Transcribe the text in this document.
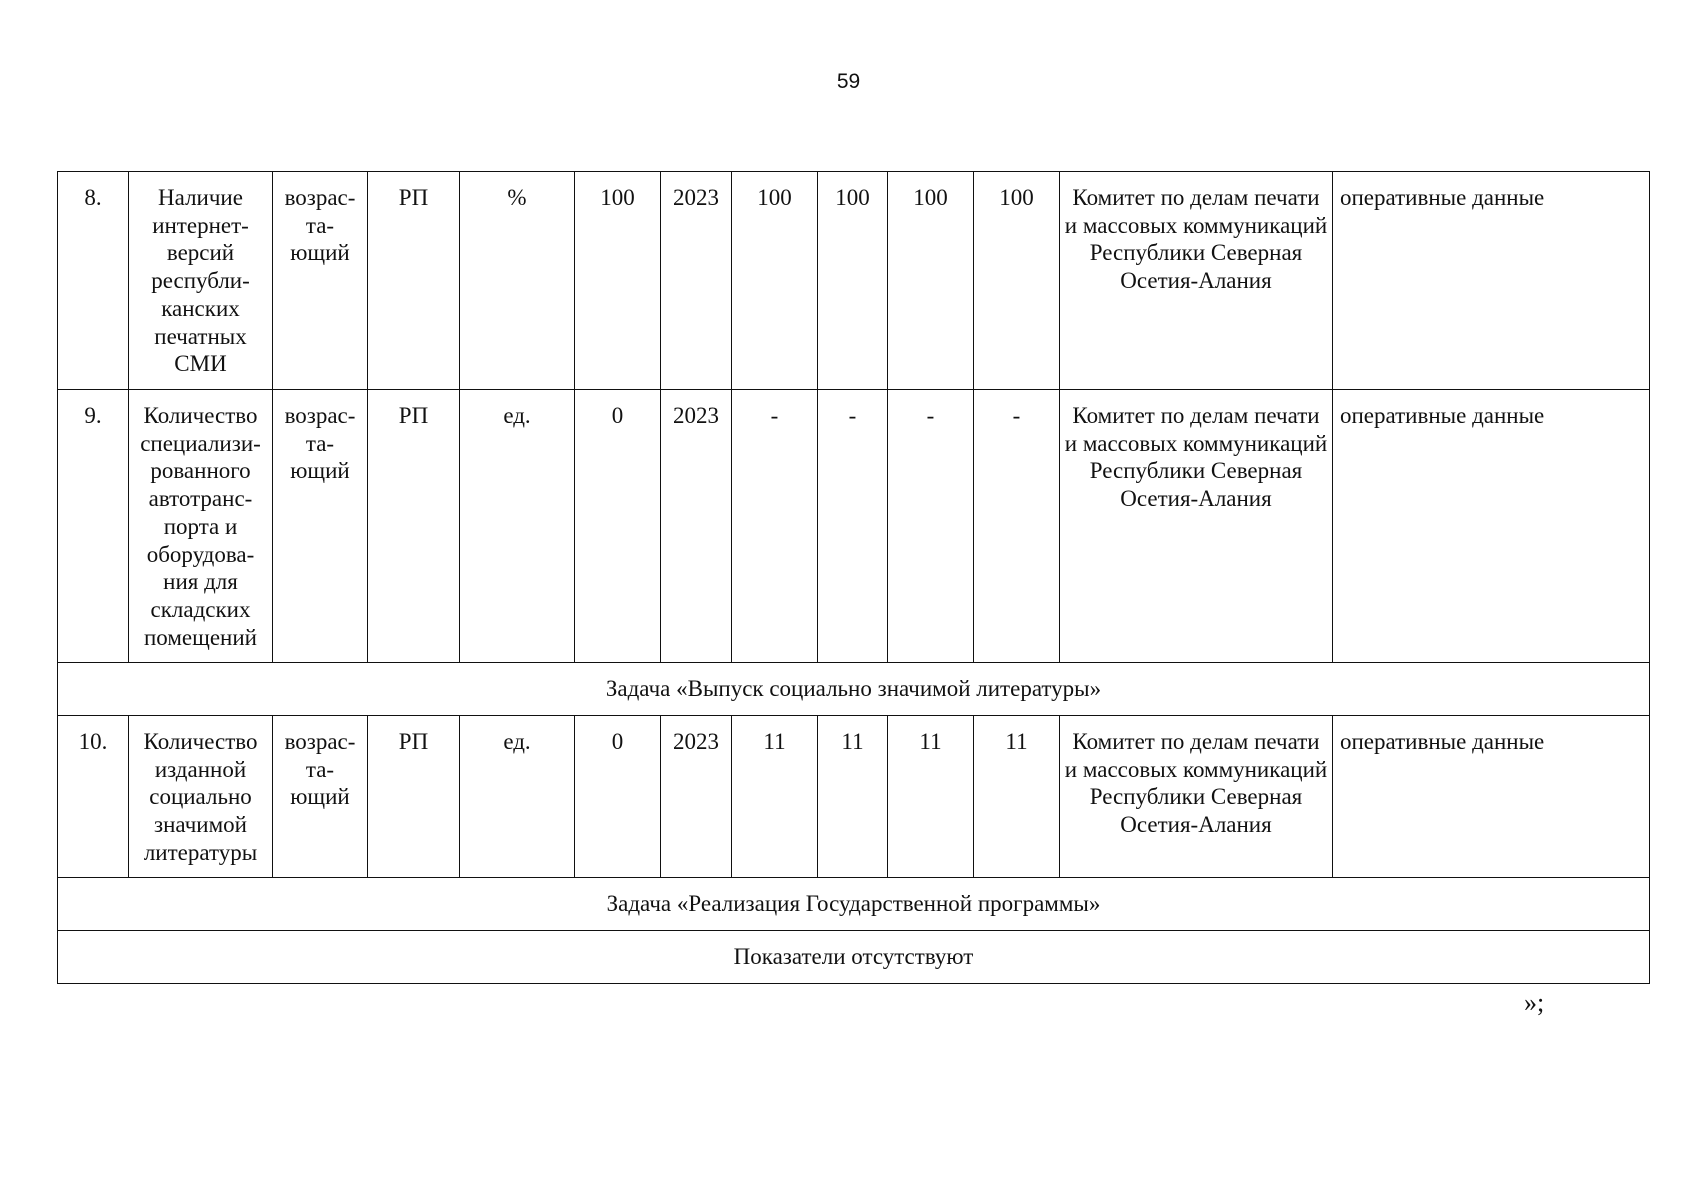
59
8.	Наличие интернет-версий республи-канских печатных СМИ	возрас-та-ющий	РП	%	100	2023	100	100	100	100	Комитет по делам печати и массовых коммуникаций Республики Северная Осетия-Алания	оперативные данные
9.	Количество специализи-рованного автотранс-порта и оборудова-ния для складских помещений	возрас-та-ющий	РП	ед.	0	2023	-	-	-	-	Комитет по делам печати и массовых коммуникаций Республики Северная Осетия-Алания	оперативные данные
Задача «Выпуск социально значимой литературы»												
10.	Количество изданной социально значимой литературы	возрас-та-ющий	РП	ед.	0	2023	11	11	11	11	Комитет по делам печати и массовых коммуникаций Республики Северная Осетия-Алания	оперативные данные
Задача «Реализация Государственной программы»												
Показатели отсутствуют												
»;
